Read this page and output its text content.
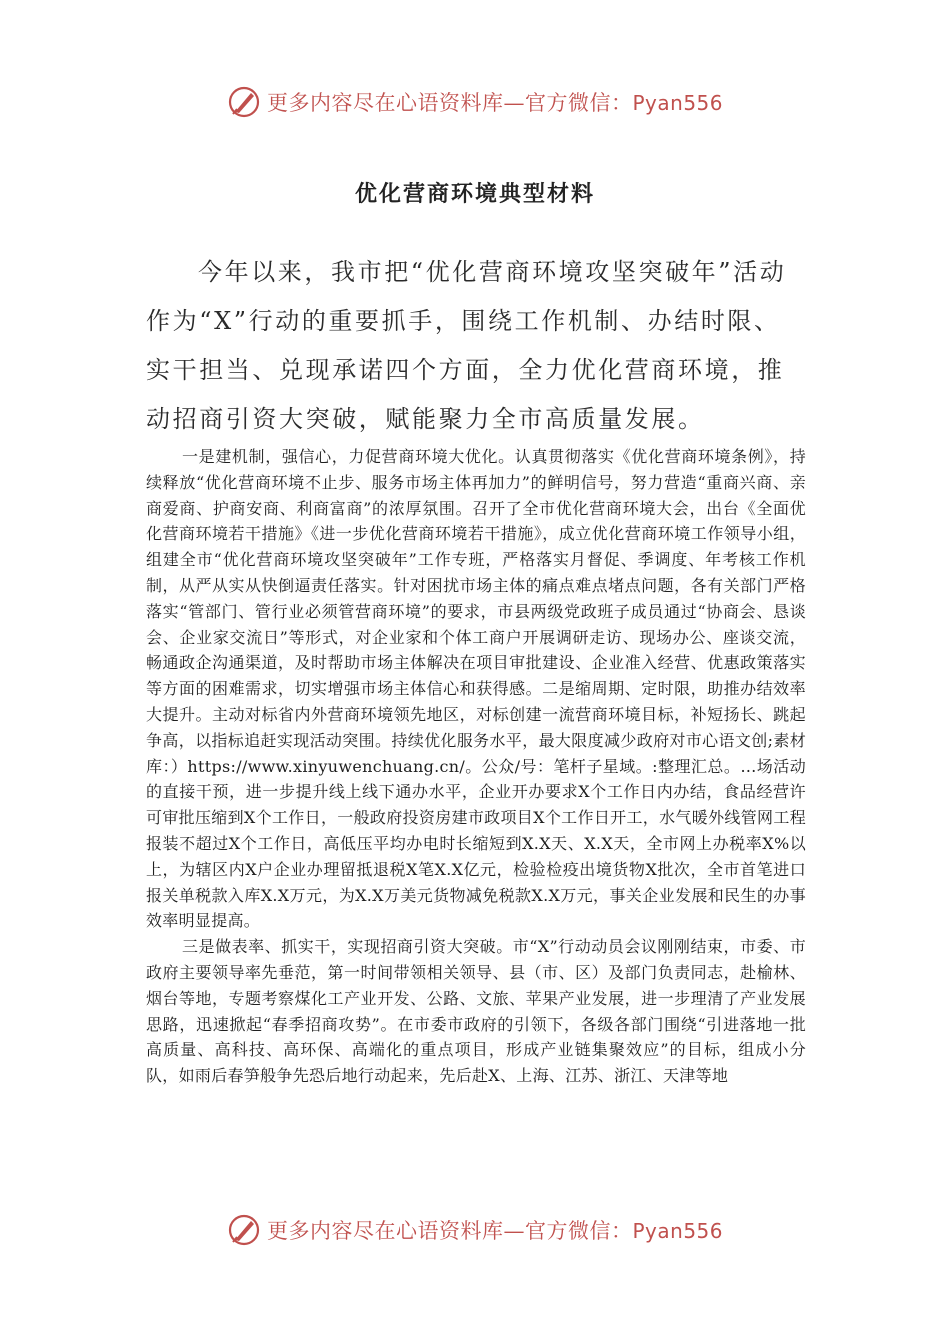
更多内容尽在心语资料库—官方微信：Pyan556
优化营商环境典型材料

今年以来，我市把“优化营商环境攻坚突破年”活动作为“X”行动的重要抓手，围绕工作机制、办结时限、实干担当、兑现承诺四个方面，全力优化营商环境，推动招商引资大突破，赋能聚力全市高质量发展。

一是建机制，强信心，力促营商环境大优化。认真贯彻落实《优化营商环境条例》，持续释放“优化营商环境不止步、服务市场主体再加力”的鲜明信号，努力营造“重商兴商、亲商爱商、护商安商、利商富商”的浓厚氛围。召开了全市优化营商环境大会，出台《全面优化营商环境若干措施》《进一步优化营商环境若干措施》，成立优化营商环境工作领导小组，组建全市“优化营商环境攻坚突破年”工作专班，严格落实月督促、季调度、年考核工作机制，从严从实从快倒逼责任落实。针对困扰市场主体的痛点难点堵点问题，各有关部门严格落实“管部门、管行业必须管营商环境”的要求，市县两级党政班子成员通过“协商会、恳谈会、企业家交流日”等形式，对企业家和个体工商户开展调研走访、现场办公、座谈交流，畅通政企沟通渠道，及时帮助市场主体解决在项目审批建设、企业准入经营、优惠政策落实等方面的困难需求，切实增强市场主体信心和获得感。二是缩周期、定时限，助推办结效率大提升。主动对标省内外营商环境领先地区，对标创建一流营商环境目标，补短扬长、跳起争高，以指标追赶实现活动突围。持续优化服务水平，最大限度减少政府对市心语文创;素材库：）https://www.xinyuwenchuang.cn/。公众/号：笔杆子星域。:整理汇总。…场活动的直接干预，进一步提升线上线下通办水平，企业开办要求X个工作日内办结，食品经营许可审批压缩到X个工作日，一般政府投资房建市政项目X个工作日开工，水气暖外线管网工程报装不超过X个工作日，高低压平均办电时长缩短到X.X天、X.X天，全市网上办税率X%以上，为辖区内X户企业办理留抵退税X笔X.X亿元，检验检疫出境货物X批次，全市首笔进口报关单税款入库X.X万元，为X.X万美元货物减免税款X.X万元，事关企业发展和民生的办事效率明显提高。

三是做表率、抓实干，实现招商引资大突破。市“X”行动动员会议刚刚结束，市委、市政府主要领导率先垂范，第一时间带领相关领导、县（市、区）及部门负责同志，赴榆林、烟台等地，专题考察煤化工产业开发、公路、文旅、苹果产业发展，进一步理清了产业发展思路，迅速掀起“春季招商攻势”。在市委市政府的引领下，各级各部门围绕“引进落地一批高质量、高科技、高环保、高端化的重点项目，形成产业链集聚效应”的目标，组成小分队，如雨后春笋般争先恐后地行动起来，先后赴X、上海、江苏、浙江、天津等地

更多内容尽在心语资料库—官方微信：Pyan556
